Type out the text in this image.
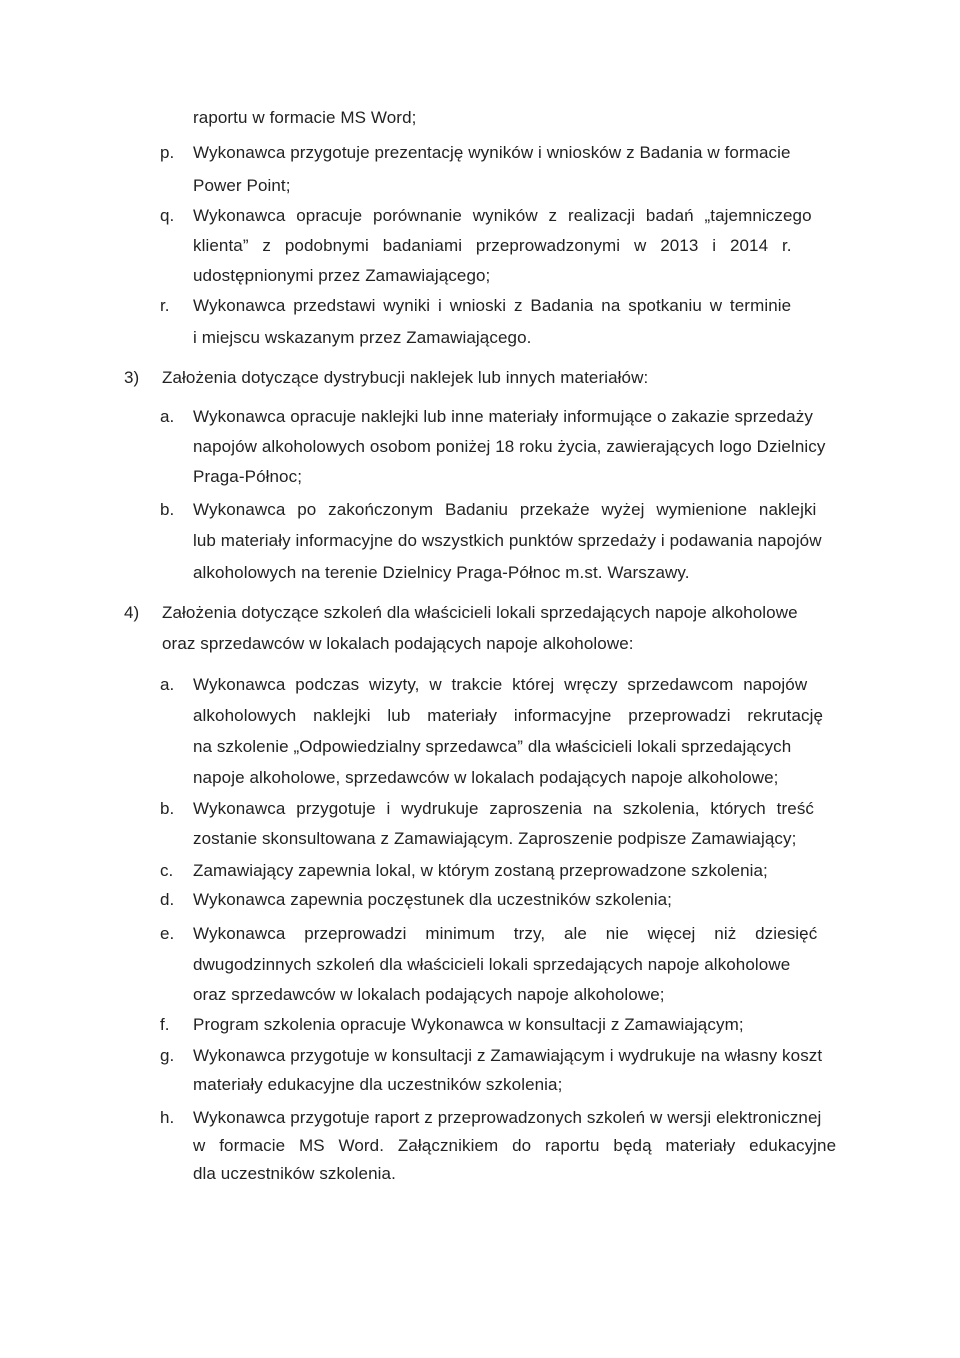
raportu w formacie MS Word;
p. Wykonawca przygotuje prezentację wyników i wniosków z Badania w formacie
Power Point;
q. Wykonawca opracuje porównanie wyników z realizacji badań „tajemniczego
klienta” z podobnymi badaniami przeprowadzonymi w 2013 i 2014 r.
udostępnionymi przez Zamawiającego;
r. Wykonawca przedstawi wyniki i wnioski z Badania na spotkaniu w terminie
i miejscu wskazanym przez Zamawiającego.
3) Założenia dotyczące dystrybucji naklejek lub innych materiałów:
a. Wykonawca opracuje naklejki lub inne materiały informujące o zakazie sprzedaży
napojów alkoholowych osobom poniżej 18 roku życia, zawierających logo Dzielnicy
Praga-Północ;
b. Wykonawca po zakończonym Badaniu przekaże wyżej wymienione naklejki
lub materiały informacyjne do wszystkich punktów sprzedaży i podawania napojów
alkoholowych na terenie Dzielnicy Praga-Północ m.st. Warszawy.
4) Założenia dotyczące szkoleń dla właścicieli lokali sprzedających napoje alkoholowe
oraz sprzedawców w lokalach podających napoje alkoholowe:
a. Wykonawca podczas wizyty, w trakcie której wręczy sprzedawcom napojów
alkoholowych naklejki lub materiały informacyjne przeprowadzi rekrutację
na szkolenie „Odpowiedzialny sprzedawca” dla właścicieli lokali sprzedających
napoje alkoholowe, sprzedawców w lokalach podających napoje alkoholowe;
b. Wykonawca przygotuje i wydrukuje zaproszenia na szkolenia, których treść
zostanie skonsultowana z Zamawiającym. Zaproszenie podpisze Zamawiający;
c. Zamawiający zapewnia lokal, w którym zostaną przeprowadzone szkolenia;
d. Wykonawca zapewnia poczęstunek dla uczestników szkolenia;
e. Wykonawca przeprowadzi minimum trzy, ale nie więcej niż dziesięć
dwugodzinnych szkoleń dla właścicieli lokali sprzedających napoje alkoholowe
oraz sprzedawców w lokalach podających napoje alkoholowe;
f. Program szkolenia opracuje Wykonawca w konsultacji z Zamawiającym;
g. Wykonawca przygotuje w konsultacji z Zamawiającym i wydrukuje na własny koszt
materiały edukacyjne dla uczestników szkolenia;
h. Wykonawca przygotuje raport z przeprowadzonych szkoleń w wersji elektronicznej
w formacie MS Word. Załącznikiem do raportu będą materiały edukacyjne
dla uczestników szkolenia.
